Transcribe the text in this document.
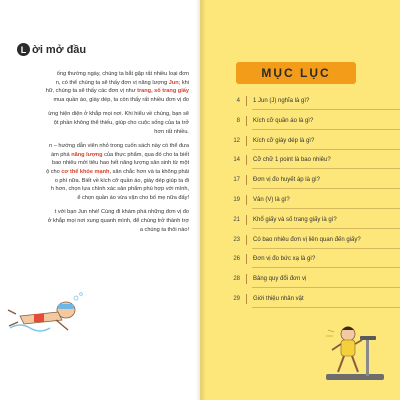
L ời mở đầu

ống thường ngày, chúng ta bắt gặp rất nhiều loại đơn

n, có thể chúng ta sẽ thấy đơn vị năng lượng Jun; khi

hữ, chúng ta sẽ thấy các đơn vị như trang, số trang giấy

mua quần áo, giày dép, ta còn thấy rất nhiều đơn vị đo

ừng hiện diện ở khắp mọi nơi. Khi hiểu về chúng, bạn sẽ

ột phần không thể thiếu, giúp cho cuộc sống của ta trở

hơn rất nhiều.

n – hướng dẫn viên nhỏ trong cuốn sách này có thể đưa

ám phá năng lượng của thực phẩm, qua đó cho ta biết

bao nhiêu mới tiêu hao hết năng lượng sản sinh từ một

ộ cho cơ thể khỏe mạnh, săn chắc hơn và ta không phải

o phì nữa. Biết về kích cỡ quần áo, giày dép giúp ta đi

h hơn, chọn lựa chính xác sản phẩm phù hợp với mình,

ể chọn quần áo vừa vặn cho bố mẹ nữa đấy!

t với bạn Jun nhé! Cùng đi khám phá những đơn vị đo

ở khắp mọi nơi xung quanh mình, để chúng trở thành trợ

a chúng ta thôi nào!

MỤC LỤC
4 1 Jun (J) nghĩa là gì?
8 Kích cỡ quần áo là gì?
12 Kích cỡ giày dép là gì?
14 Cỡ chữ 1 point là bao nhiêu?
17 Đơn vị đo huyết áp là gì?
19 Vân (V) là gì?
21 Khổ giấy và số trang giấy là gì?
23 Có bao nhiêu đơn vị liên quan đến giấy?
26 Đơn vị đo bức xạ là gì?
28 Bảng quy đổi đơn vị
29 Giới thiệu nhân vật
